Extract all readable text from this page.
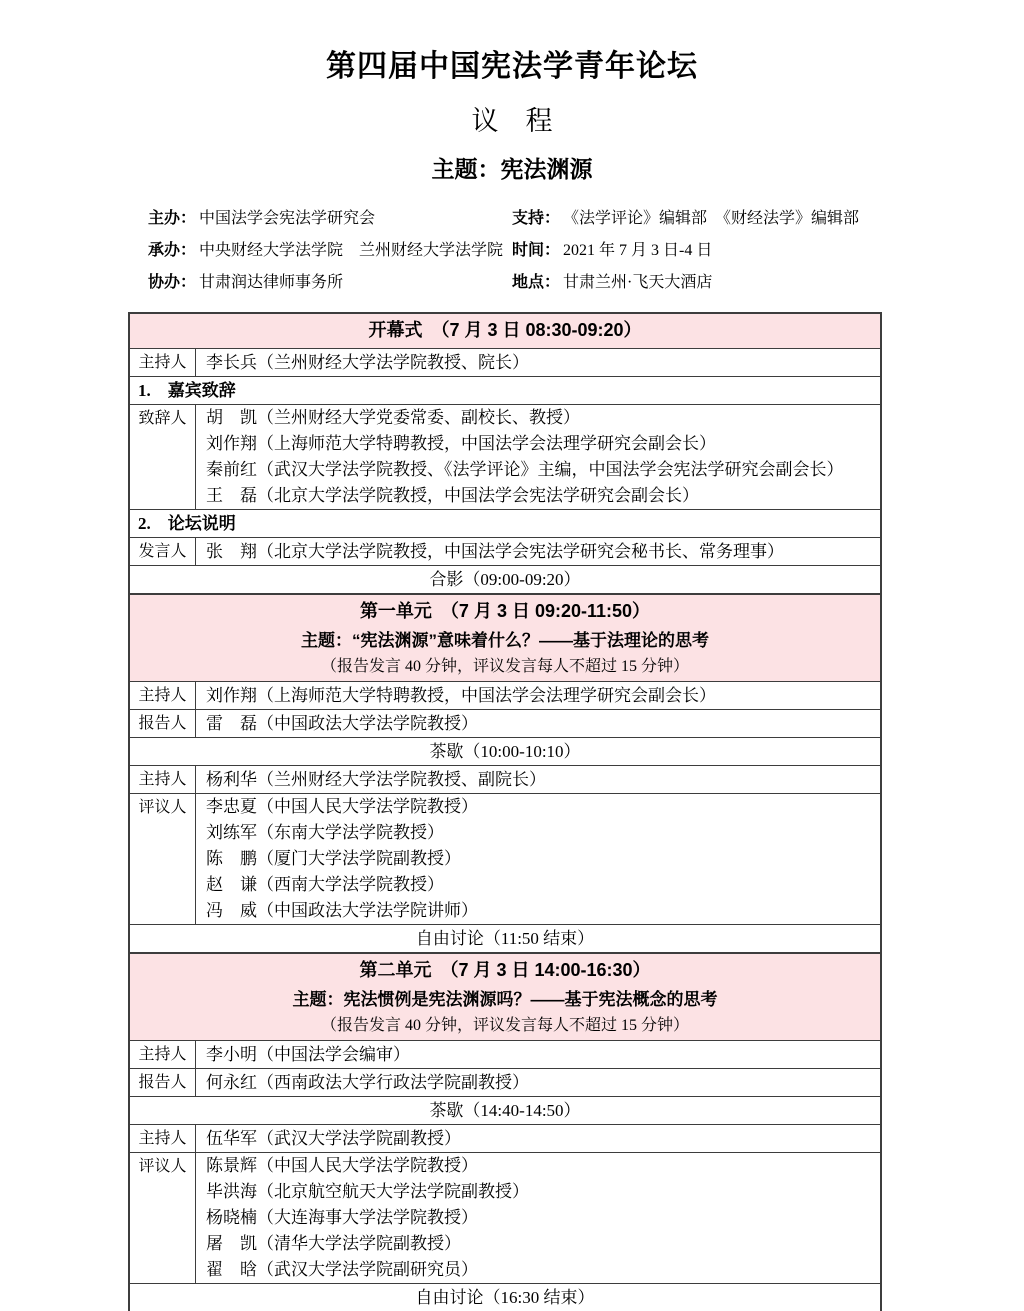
第四届中国宪法学青年论坛
议　程
主题：宪法渊源
主办： 中国法学会宪法学研究会
承办： 中央财经大学法学院　兰州财经大学法学院
协办： 甘肃润达律师事务所
支持： 《法学评论》编辑部　《财经法学》编辑部
时间： 2021 年 7 月 3 日-4 日
地点： 甘肃兰州·飞天大酒店
开幕式　（7 月 3 日 08:30-09:20）
主持人	李长兵（兰州财经大学法学院教授、院长）
1.　嘉宾致辞
致辞人	胡　凯（兰州财经大学党委常委、副校长、教授）
刘作翔（上海师范大学特聘教授，中国法学会法理学研究会副会长）
秦前红（武汉大学法学院教授、《法学评论》主编，中国法学会宪法学研究会副会长）
王　磊（北京大学法学院教授，中国法学会宪法学研究会副会长）
2.　论坛说明
发言人	张　翔（北京大学法学院教授，中国法学会宪法学研究会秘书长、常务理事）
合影（09:00-09:20）
第一单元　（7 月 3 日 09:20-11:50）
主题：“宪法渊源”意味着什么？——基于法理论的思考
（报告发言 40 分钟，评议发言每人不超过 15 分钟）
主持人	刘作翔（上海师范大学特聘教授，中国法学会法理学研究会副会长）
报告人	雷　磊（中国政法大学法学院教授）
茶歇（10:00-10:10）
主持人	杨利华（兰州财经大学法学院教授、副院长）
评议人	李忠夏（中国人民大学法学院教授）
刘练军（东南大学法学院教授）
陈　鹏（厦门大学法学院副教授）
赵　谦（西南大学法学院教授）
冯　威（中国政法大学法学院讲师）
自由讨论（11:50 结束）
第二单元　（7 月 3 日 14:00-16:30）
主题：宪法惯例是宪法渊源吗？——基于宪法概念的思考
（报告发言 40 分钟，评议发言每人不超过 15 分钟）
主持人	李小明（中国法学会编审）
报告人	何永红（西南政法大学行政法学院副教授）
茶歇（14:40-14:50）
主持人	伍华军（武汉大学法学院副教授）
评议人	陈景辉（中国人民大学法学院教授）
毕洪海（北京航空航天大学法学院副教授）
杨晓楠（大连海事大学法学院教授）
屠　凯（清华大学法学院副教授）
翟　晗（武汉大学法学院副研究员）
自由讨论（16:30 结束）
